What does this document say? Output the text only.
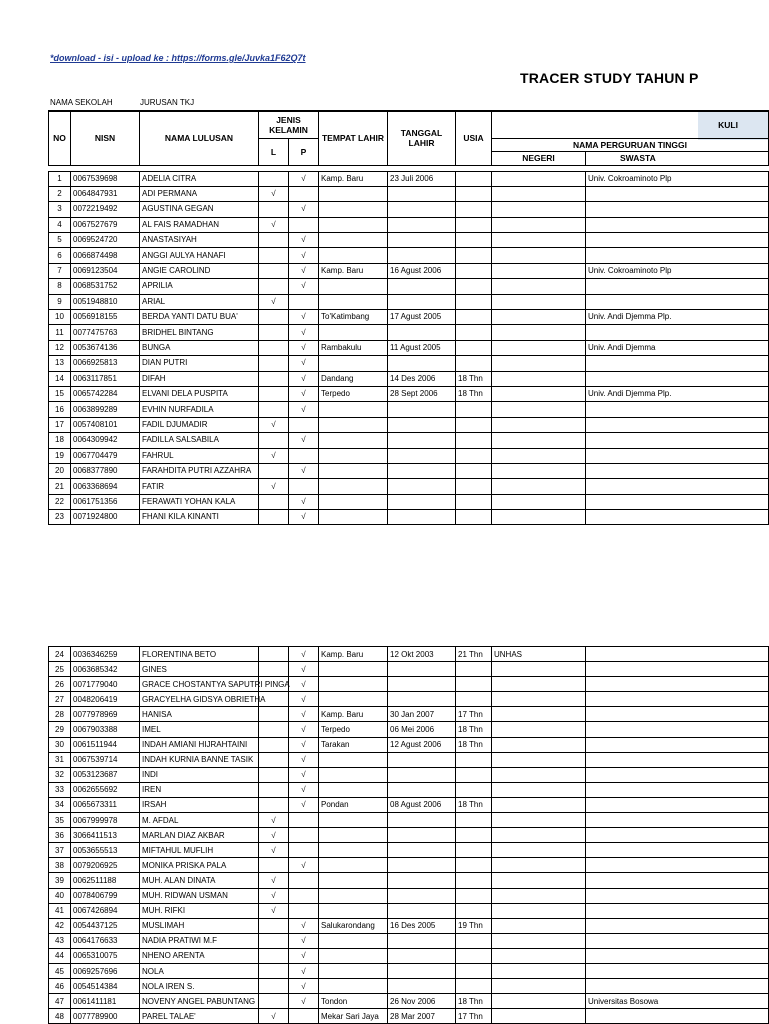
*download - isi - upload ke : https://forms.gle/Juvka1F62Q7t
TRACER STUDY TAHUN P
NAMA SEKOLAH	JURUSAN TKJ
NO	NISN	NAMA LULUSAN	JENIS KELAMIN		TEMPAT LAHIR	TANGGAL LAHIR	USIA	KULI	
			L	P				NAMA PERGURUAN TINGGI	
								NEGERI	SWASTA

1	0067539698	ADELIA CITRA		√	Kamp. Baru	23 Juli 2006			Univ. Cokroaminoto Plp
2	0064847931	ADI PERMANA	√						
3	0072219492	AGUSTINA GEGAN		√					
4	0067527679	AL FAIS RAMADHAN	√						
5	0069524720	ANASTASIYAH		√					
6	0066874498	ANGGI AULYA HANAFI		√					
7	0069123504	ANGIE CAROLIND		√	Kamp. Baru	16 Agust 2006			Univ. Cokroaminoto Plp
8	0068531752	APRILIA		√					
9	0051948810	ARIAL	√						
10	0056918155	BERDA YANTI DATU BUA'		√	To'Katimbang	17 Agust 2005			Univ. Andi Djemma Plp.
11	0077475763	BRIDHEL BINTANG		√					
12	0053674136	BUNGA		√	Rambakulu	11 Agust 2005			Univ. Andi Djemma
13	0066925813	DIAN PUTRI		√					
14	0063117851	DIFAH		√	Dandang	14 Des 2006	18 Thn		
15	0065742284	ELVANI DELA PUSPITA		√	Terpedo	28 Sept 2006	18 Thn		Univ. Andi Djemma Plp.
16	0063899289	EVHIN NURFADILA		√					
17	0057408101	FADIL DJUMADIR	√						
18	0064309942	FADILLA SALSABILA		√					
19	0067704479	FAHRUL	√						
20	0068377890	FARAHDITA PUTRI AZZAHRA		√					
21	0063368694	FATIR	√						
22	0061751356	FERAWATI YOHAN KALA		√					
23	0071924800	FHANI KILA KINANTI		√					
24	0036346259	FLORENTINA BETO		√	Kamp. Baru	12 Okt 2003	21 Thn	UNHAS	
25	0063685342	GINES		√					
26	0071779040	GRACE CHOSTANTYA SAPUTRI PINGA		√					
27	0048206419	GRACYELHA GIDSYA OBRIETHA		√					
28	0077978969	HANISA		√	Kamp. Baru	30 Jan 2007	17 Thn		
29	0067903388	IMEL		√	Terpedo	06 Mei 2006	18 Thn		
30	0061511944	INDAH AMIANI HIJRAHTAINI		√	Tarakan	12 Agust 2006	18 Thn		
31	0067539714	INDAH KURNIA BANNE TASIK		√					
32	0053123687	INDI		√					
33	0062655692	IREN		√					
34	0065673311	IRSAH		√	Pondan	08 Agust 2006	18 Thn		
35	0067999978	M. AFDAL	√						
36	3066411513	MARLAN DIAZ AKBAR	√						
37	0053655513	MIFTAHUL MUFLIH	√						
38	0079206925	MONIKA PRISKA PALA		√					
39	0062511188	MUH. ALAN DINATA	√						
40	0078406799	MUH. RIDWAN USMAN	√						
41	0067426894	MUH. RIFKI	√						
42	0054437125	MUSLIMAH		√	Salukarondang	16 Des 2005	19 Thn		
43	0064176633	NADIA PRATIWI M.F		√					
44	0065310075	NHENO ARENTA		√					
45	0069257696	NOLA		√					
46	0054514384	NOLA IREN S.		√					
47	0061411181	NOVENY ANGEL PABUNTANG		√	Tondon	26 Nov 2006	18 Thn		Universitas Bosowa
48	0077789900	PAREL TALAE'	√		Mekar Sari Jaya	28 Mar 2007	17 Thn		
